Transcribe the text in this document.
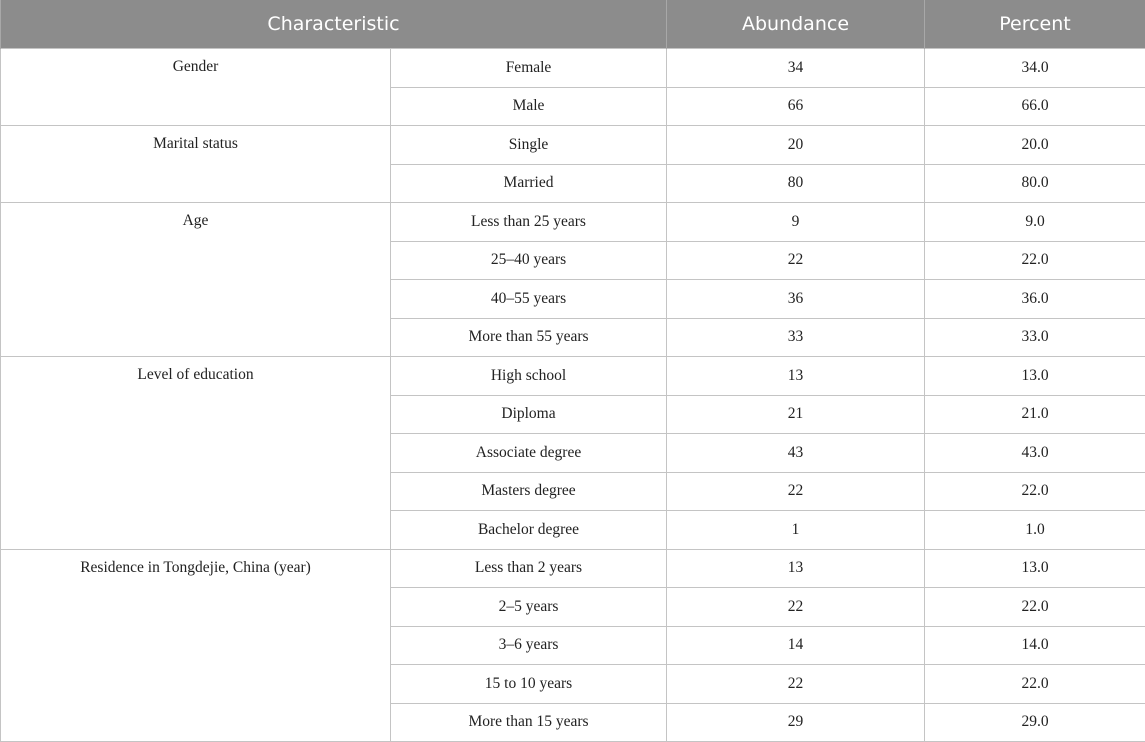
Characteristic		Abundance	Percent
Gender	Female	34	34.0
	Male	66	66.0
Marital status	Single	20	20.0
	Married	80	80.0
Age	Less than 25 years	9	9.0
	25–40 years	22	22.0
	40–55 years	36	36.0
	More than 55 years	33	33.0
Level of education	High school	13	13.0
	Diploma	21	21.0
	Associate degree	43	43.0
	Masters degree	22	22.0
	Bachelor degree	1	1.0
Residence in Tongdejie, China (year)	Less than 2 years	13	13.0
	2–5 years	22	22.0
	3–6 years	14	14.0
	15 to 10 years	22	22.0
	More than 15 years	29	29.0
